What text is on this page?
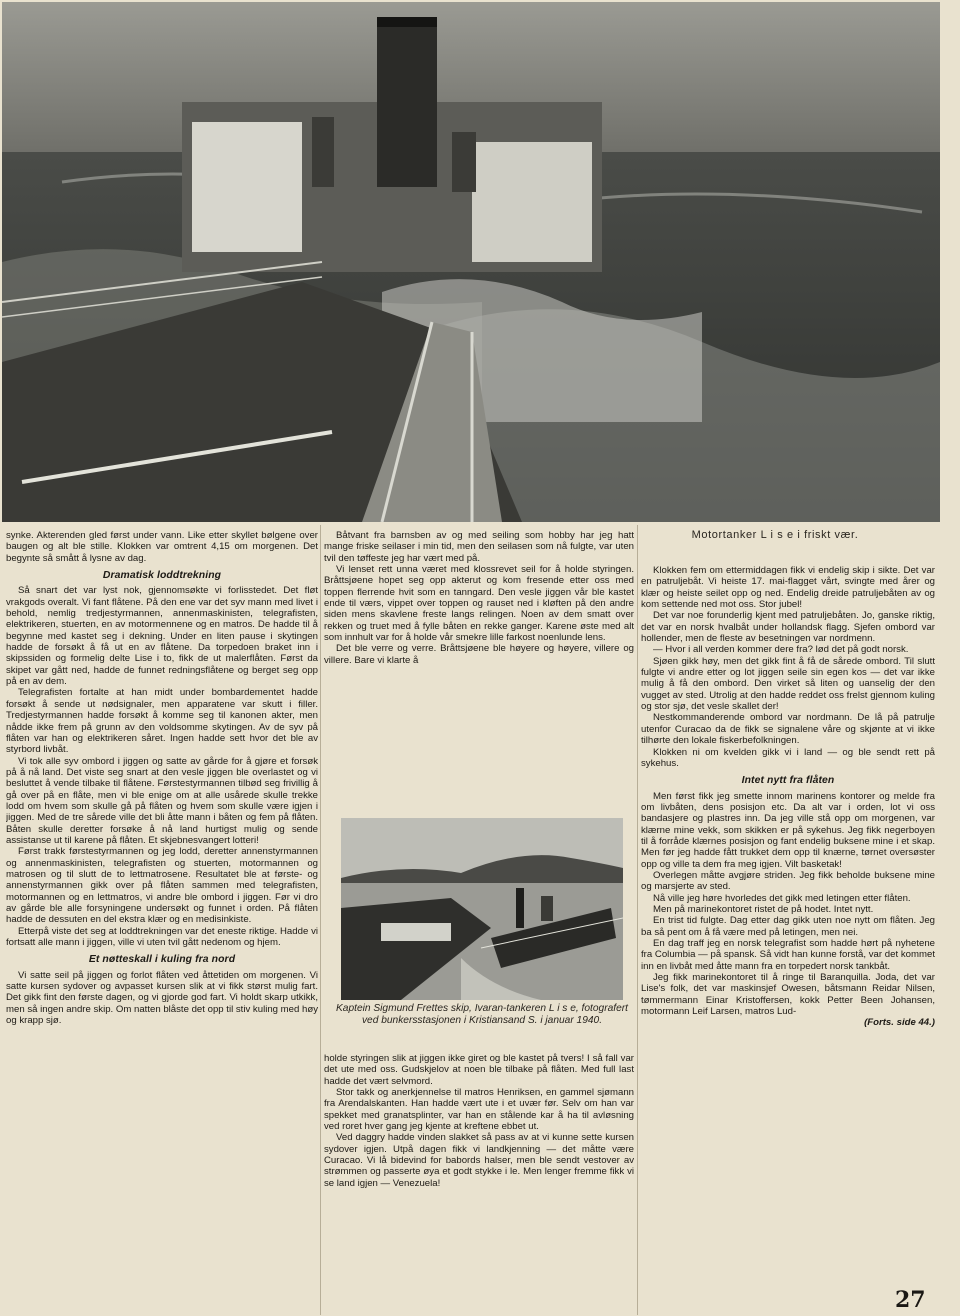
Motortanker L i s e i friskt vær.

synke. Akterenden gled først under vann. Like etter skyllet bølgene over baugen og alt ble stille. Klokken var omtrent 4,15 om morgenen. Det begynte så smått å lysne av dag.

Dramatisk loddtrekning

Så snart det var lyst nok, gjennomsøkte vi forlisstedet. Det fløt vrakgods overalt. Vi fant flåtene. På den ene var det syv mann med livet i behold, nemlig tredjestyrmannen, annenmaskinisten, telegrafisten, elektrikeren, stuerten, en av motormennene og en matros. De hadde til å begynne med kastet seg i dekning. Under en liten pause i skytingen hadde de forsøkt å få ut en av flåtene. Da torpedoen braket inn i skipssiden og formelig delte Lise i to, fikk de ut malerflåten. Først da skipet var gått ned, hadde de funnet redningsflåtene og berget seg opp på en av dem.

Telegrafisten fortalte at han midt under bombardementet hadde forsøkt å sende ut nødsignaler, men apparatene var skutt i filler. Tredjestyrmannen hadde forsøkt å komme seg til kanonen akter, men nådde ikke frem på grunn av den voldsomme skytingen. Av de syv på flåten var han og elektrikeren såret. Ingen hadde sett hvor det ble av styrbord livbåt.

Vi tok alle syv ombord i jiggen og satte av gårde for å gjøre et forsøk på å nå land. Det viste seg snart at den vesle jiggen ble overlastet og vi besluttet å vende tilbake til flåtene. Førstestyrmannen tilbød seg frivillig å gå over på en flåte, men vi ble enige om at alle usårede skulle trekke lodd om hvem som skulle gå på flåten og hvem som skulle være igjen i jiggen. Med de tre sårede ville det bli åtte mann i båten og fem på flåten. Båten skulle deretter forsøke å nå land hurtigst mulig og sende assistanse ut til karene på flåten. Et skjebnesvangert lotteri!

Først trakk førstestyrmannen og jeg lodd, deretter annenstyrmannen og annenmaskinisten, telegrafisten og stuerten, motormannen og matrosen og til slutt de to lettmatrosene. Resultatet ble at første- og annenstyrmannen gikk over på flåten sammen med telegrafisten, motormannen og en lettmatros, vi andre ble ombord i jiggen. Før vi dro av gårde ble alle forsyningene undersøkt og funnet i orden. På flåten hadde de dessuten en del ekstra klær og en medisinkiste.

Etterpå viste det seg at loddtrekningen var det eneste riktige. Hadde vi fortsatt alle mann i jiggen, ville vi uten tvil gått nedenom og hjem.

Et nøtteskall i kuling fra nord

Vi satte seil på jiggen og forlot flåten ved åttetiden om morgenen. Vi satte kursen sydover og avpasset kursen slik at vi fikk størst mulig fart. Det gikk fint den første dagen, og vi gjorde god fart. Vi holdt skarp utkikk, men så ingen andre skip. Om natten blåste det opp til stiv kuling med høy og krapp sjø.

Båtvant fra barnsben av og med seiling som hobby har jeg hatt mange friske seilaser i min tid, men den seilasen som nå fulgte, var uten tvil den tøffeste jeg har vært med på.

Vi lenset rett unna været med klossrevet seil for å holde styringen. Bråttsjøene hopet seg opp akterut og kom fresende etter oss med toppen flerrende hvit som en tanngard. Den vesle jiggen vår ble kastet ende til værs, vippet over toppen og rauset ned i kløften på den andre siden mens skavlene freste langs relingen. Noen av dem smatt over rekken og truet med å fylle båten en rekke ganger. Karene øste med alt som innhult var for å holde vår smekre lille farkost noenlunde lens.

Det ble verre og verre. Bråttsjøene ble høyere og høyere, villere og villere. Bare vi klarte å

Kaptein Sigmund Frettes skip, Ivaran-tankeren L i s e, fotografert ved bunkersstasjonen i Kristiansand S. i januar 1940.

holde styringen slik at jiggen ikke giret og ble kastet på tvers! I så fall var det ute med oss. Gudskjelov at noen ble tilbake på flåten. Med full last hadde det vært selvmord.

Stor takk og anerkjennelse til matros Henriksen, en gammel sjømann fra Arendalskanten. Han hadde vært ute i et uvær før. Selv om han var spekket med granatsplinter, var han en stålende kar å ha til avløsning ved roret hver gang jeg kjente at kreftene ebbet ut.

Ved daggry hadde vinden slakket så pass av at vi kunne sette kursen sydover igjen. Utpå dagen fikk vi landkjenning — det måtte være Curacao. Vi lå bidevind for babords halser, men ble sendt vestover av strømmen og passerte øya et godt stykke i le. Men lenger fremme fikk vi se land igjen — Venezuela!

Klokken fem om ettermiddagen fikk vi endelig skip i sikte. Det var en patruljebåt. Vi heiste 17. mai-flagget vårt, svingte med årer og klær og heiste seilet opp og ned. Endelig dreide patruljebåten av og kom settende ned mot oss. Stor jubel!

Det var noe forunderlig kjent med patruljebåten. Jo, ganske riktig, det var en norsk hvalbåt under hollandsk flagg. Sjefen ombord var hollender, men de fleste av besetningen var nordmenn.

— Hvor i all verden kommer dere fra? lød det på godt norsk.

Sjøen gikk høy, men det gikk fint å få de sårede ombord. Til slutt fulgte vi andre etter og lot jiggen seile sin egen kos — det var ikke mulig å få den ombord. Den virket så liten og uanselig der den vugget av sted. Utrolig at den hadde reddet oss frelst gjennom kuling og stor sjø, det vesle skallet der!

Nestkommanderende ombord var nordmann. De lå på patrulje utenfor Curacao da de fikk se signalene våre og skjønte at vi ikke tilhørte den lokale fiskerbefolkningen.

Klokken ni om kvelden gikk vi i land — og ble sendt rett på sykehus.

Intet nytt fra flåten

Men først fikk jeg smette innom marinens kontorer og melde fra om livbåten, dens posisjon etc. Da alt var i orden, lot vi oss bandasjere og plastres inn. Da jeg ville stå opp om morgenen, var klærne mine vekk, som skikken er på sykehus. Jeg fikk negerboyen til å forråde klærnes posisjon og fant endelig buksene mine i et skap. Men før jeg hadde fått trukket dem opp til knærne, tørnet oversøster opp og ville ta dem fra meg igjen. Vilt basketak!

Overlegen måtte avgjøre striden. Jeg fikk beholde buksene mine og marsjerte av sted.

Nå ville jeg høre hvorledes det gikk med letingen etter flåten.

Men på marinekontoret ristet de på hodet. Intet nytt.

En trist tid fulgte. Dag etter dag gikk uten noe nytt om flåten. Jeg ba så pent om å få være med på letingen, men nei.

En dag traff jeg en norsk telegrafist som hadde hørt på nyhetene fra Columbia — på spansk. Så vidt han kunne forstå, var det kommet inn en livbåt med åtte mann fra en torpedert norsk tankbåt.

Jeg fikk marinekontoret til å ringe til Baranquilla. Joda, det var Lise's folk, det var maskinsjef Owesen, båtsmann Reidar Nilsen, tømmermann Einar Kristoffersen, kokk Petter Been Johansen, motormann Leif Larsen, matros Lud-

(Forts. side 44.)
27
